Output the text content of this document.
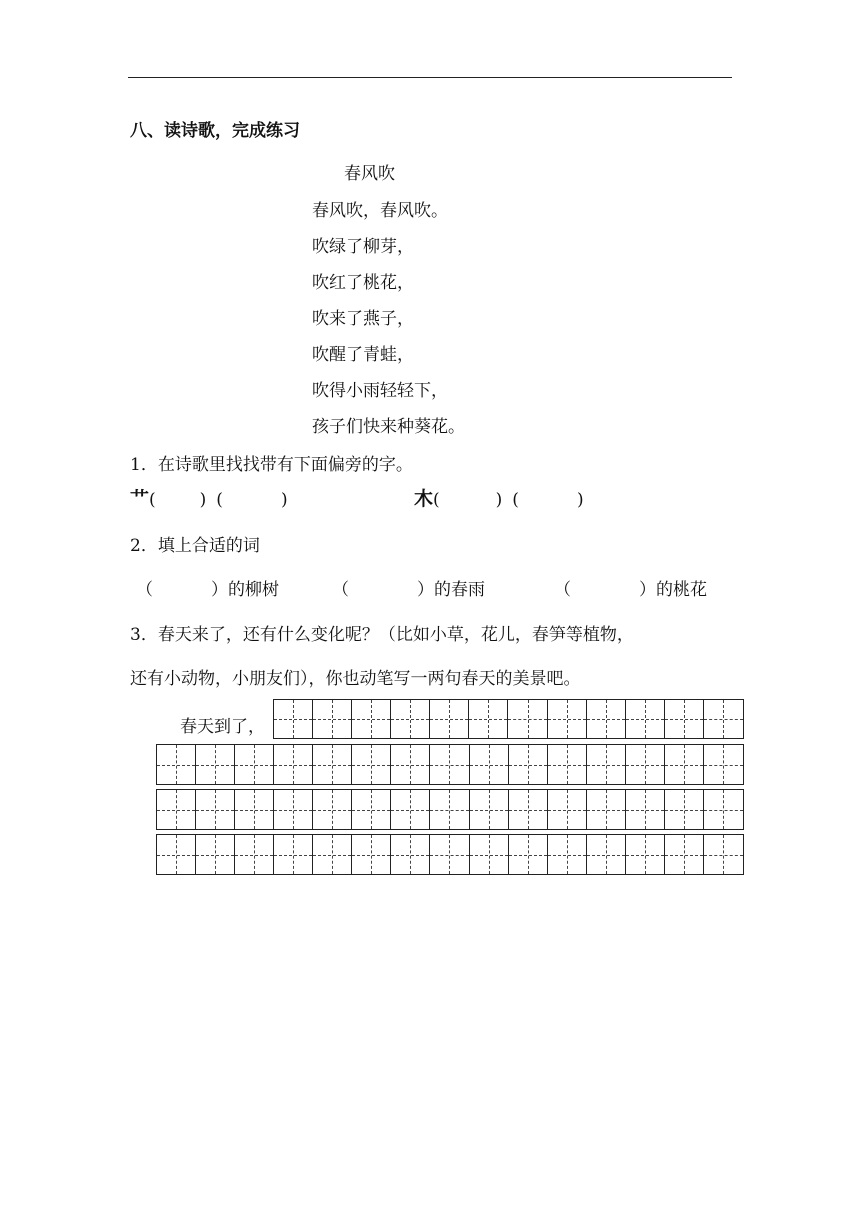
八、读诗歌，完成练习
春风吹
春风吹，春风吹。
吹绿了柳芽，
吹红了桃花，
吹来了燕子，
吹醒了青蛙，
吹得小雨轻轻下，
孩子们快来种葵花。
1．在诗歌里找找带有下面偏旁的字。
艹(	) (	)	木(	) (	)
2．填上合适的词
（	）的柳树	（	）的春雨	（	）的桃花
3．春天来了，还有什么变化呢？（比如小草，花儿，春笋等植物，
还有小动物，小朋友们），你也动笔写一两句春天的美景吧。
春天到了，
